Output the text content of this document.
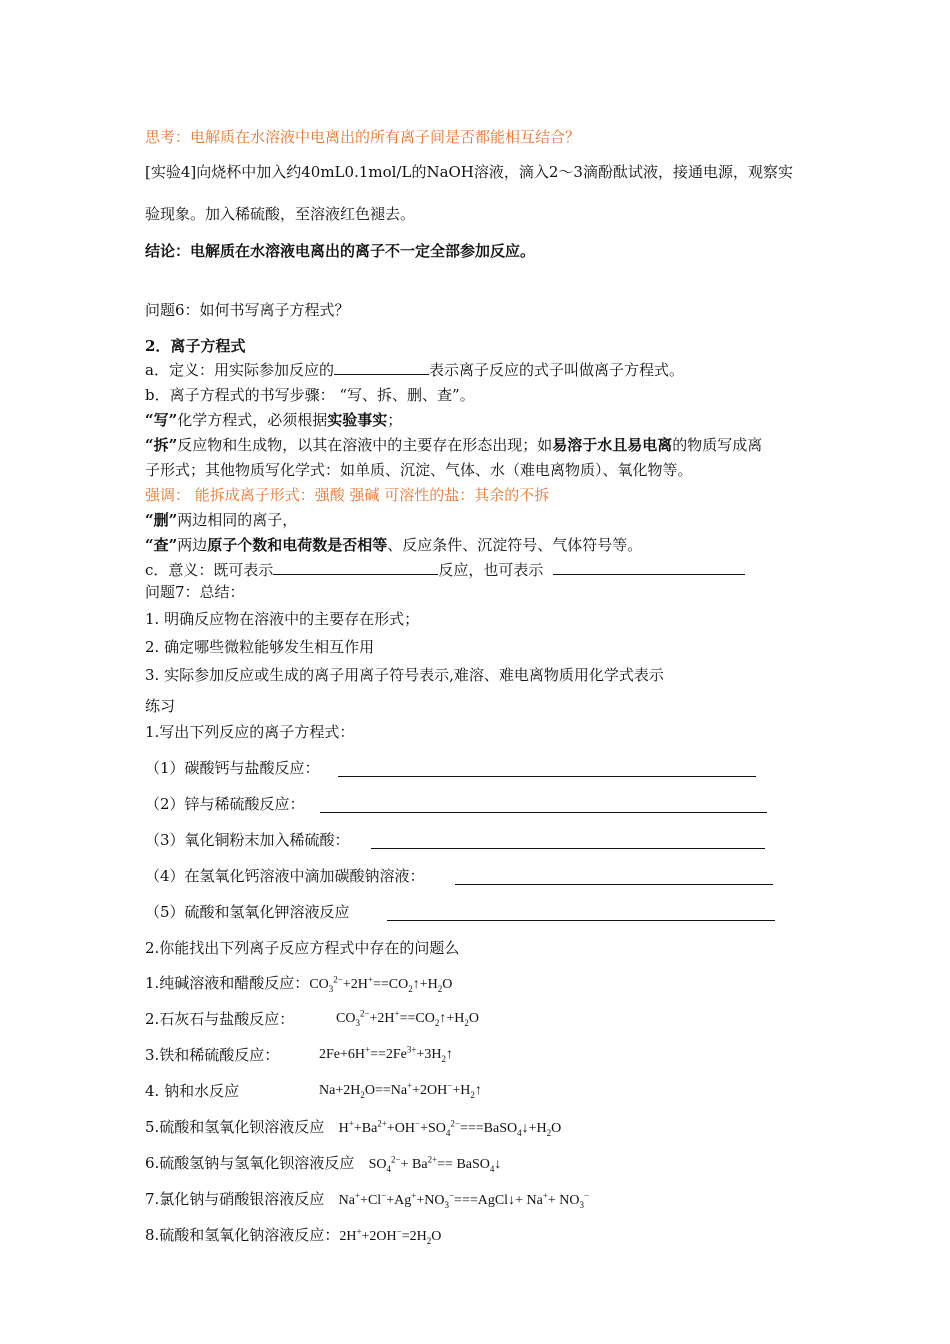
思考：电解质在水溶液中电离出的所有离子间是否都能相互结合？
[实验4]向烧杯中加入约40mL0.1mol/L的NaOH溶液，滴入2～3滴酚酞试液，接通电源，观察实
验现象。加入稀硫酸，至溶液红色褪去。
结论：电解质在水溶液电离出的离子不一定全部参加反应。
问题6：如何书写离子方程式？
2．离子方程式
a．定义：用实际参加反应的	表示离子反应的式子叫做离子方程式。
b．离子方程式的书写步骤： “写、拆、删、查”。
“写”化学方程式，必须根据实验事实；
“拆”反应物和生成物，以其在溶液中的主要存在形态出现；如易溶于水且易电离的物质写成离
子形式；其他物质写化学式：如单质、沉淀、气体、水（难电离物质）、氧化物等。
强调： 能拆成离子形式：强酸 强碱 可溶性的盐：其余的不拆
“删”两边相同的离子，
“查”两边原子个数和电荷数是否相等、反应条件、沉淀符号、气体符号等。
c．意义：既可表示	反应，也可表示
问题7：总结：
1. 明确反应物在溶液中的主要存在形式；
2. 确定哪些微粒能够发生相互作用
3. 实际参加反应或生成的离子用离子符号表示,难溶、难电离物质用化学式表示
练习
1.写出下列反应的离子方程式：
（1）碳酸钙与盐酸反应：
（2）锌与稀硫酸反应：
（3）氧化铜粉末加入稀硫酸：
（4）在氢氧化钙溶液中滴加碳酸钠溶液：
（5）硫酸和氢氧化钾溶液反应
2.你能找出下列离子反应方程式中存在的问题么
1.纯碱溶液和醋酸反应：$CO_3^{2-}+2H^+==CO_2↑+H_2O$
2.石灰石与盐酸反应：	$CO_3^{2-}+2H^+==CO_2↑+H_2O$
3.铁和稀硫酸反应：	$2Fe+6H^+==2Fe^{3+}+3H_2↑$
4. 钠和水反应	$Na+2H_2O==Na^++2OH^-+H_2↑$
5.硫酸和氢氧化钡溶液反应 $H^++Ba^{2+}+OH^-+SO_4^{2-}===BaSO_4↓+H_2O$
6.硫酸氢钠与氢氧化钡溶液反应 $SO_4^{2-}+ Ba^{2+}==$ BaSO$_4$↓
7.氯化钠与硝酸银溶液反应 $Na^++Cl^-+Ag^++NO_3^-===AgCl↓+ Na^++ NO_3^-$
8.硫酸和氢氧化钠溶液反应：$2H^++2OH^-=2H_2O$
